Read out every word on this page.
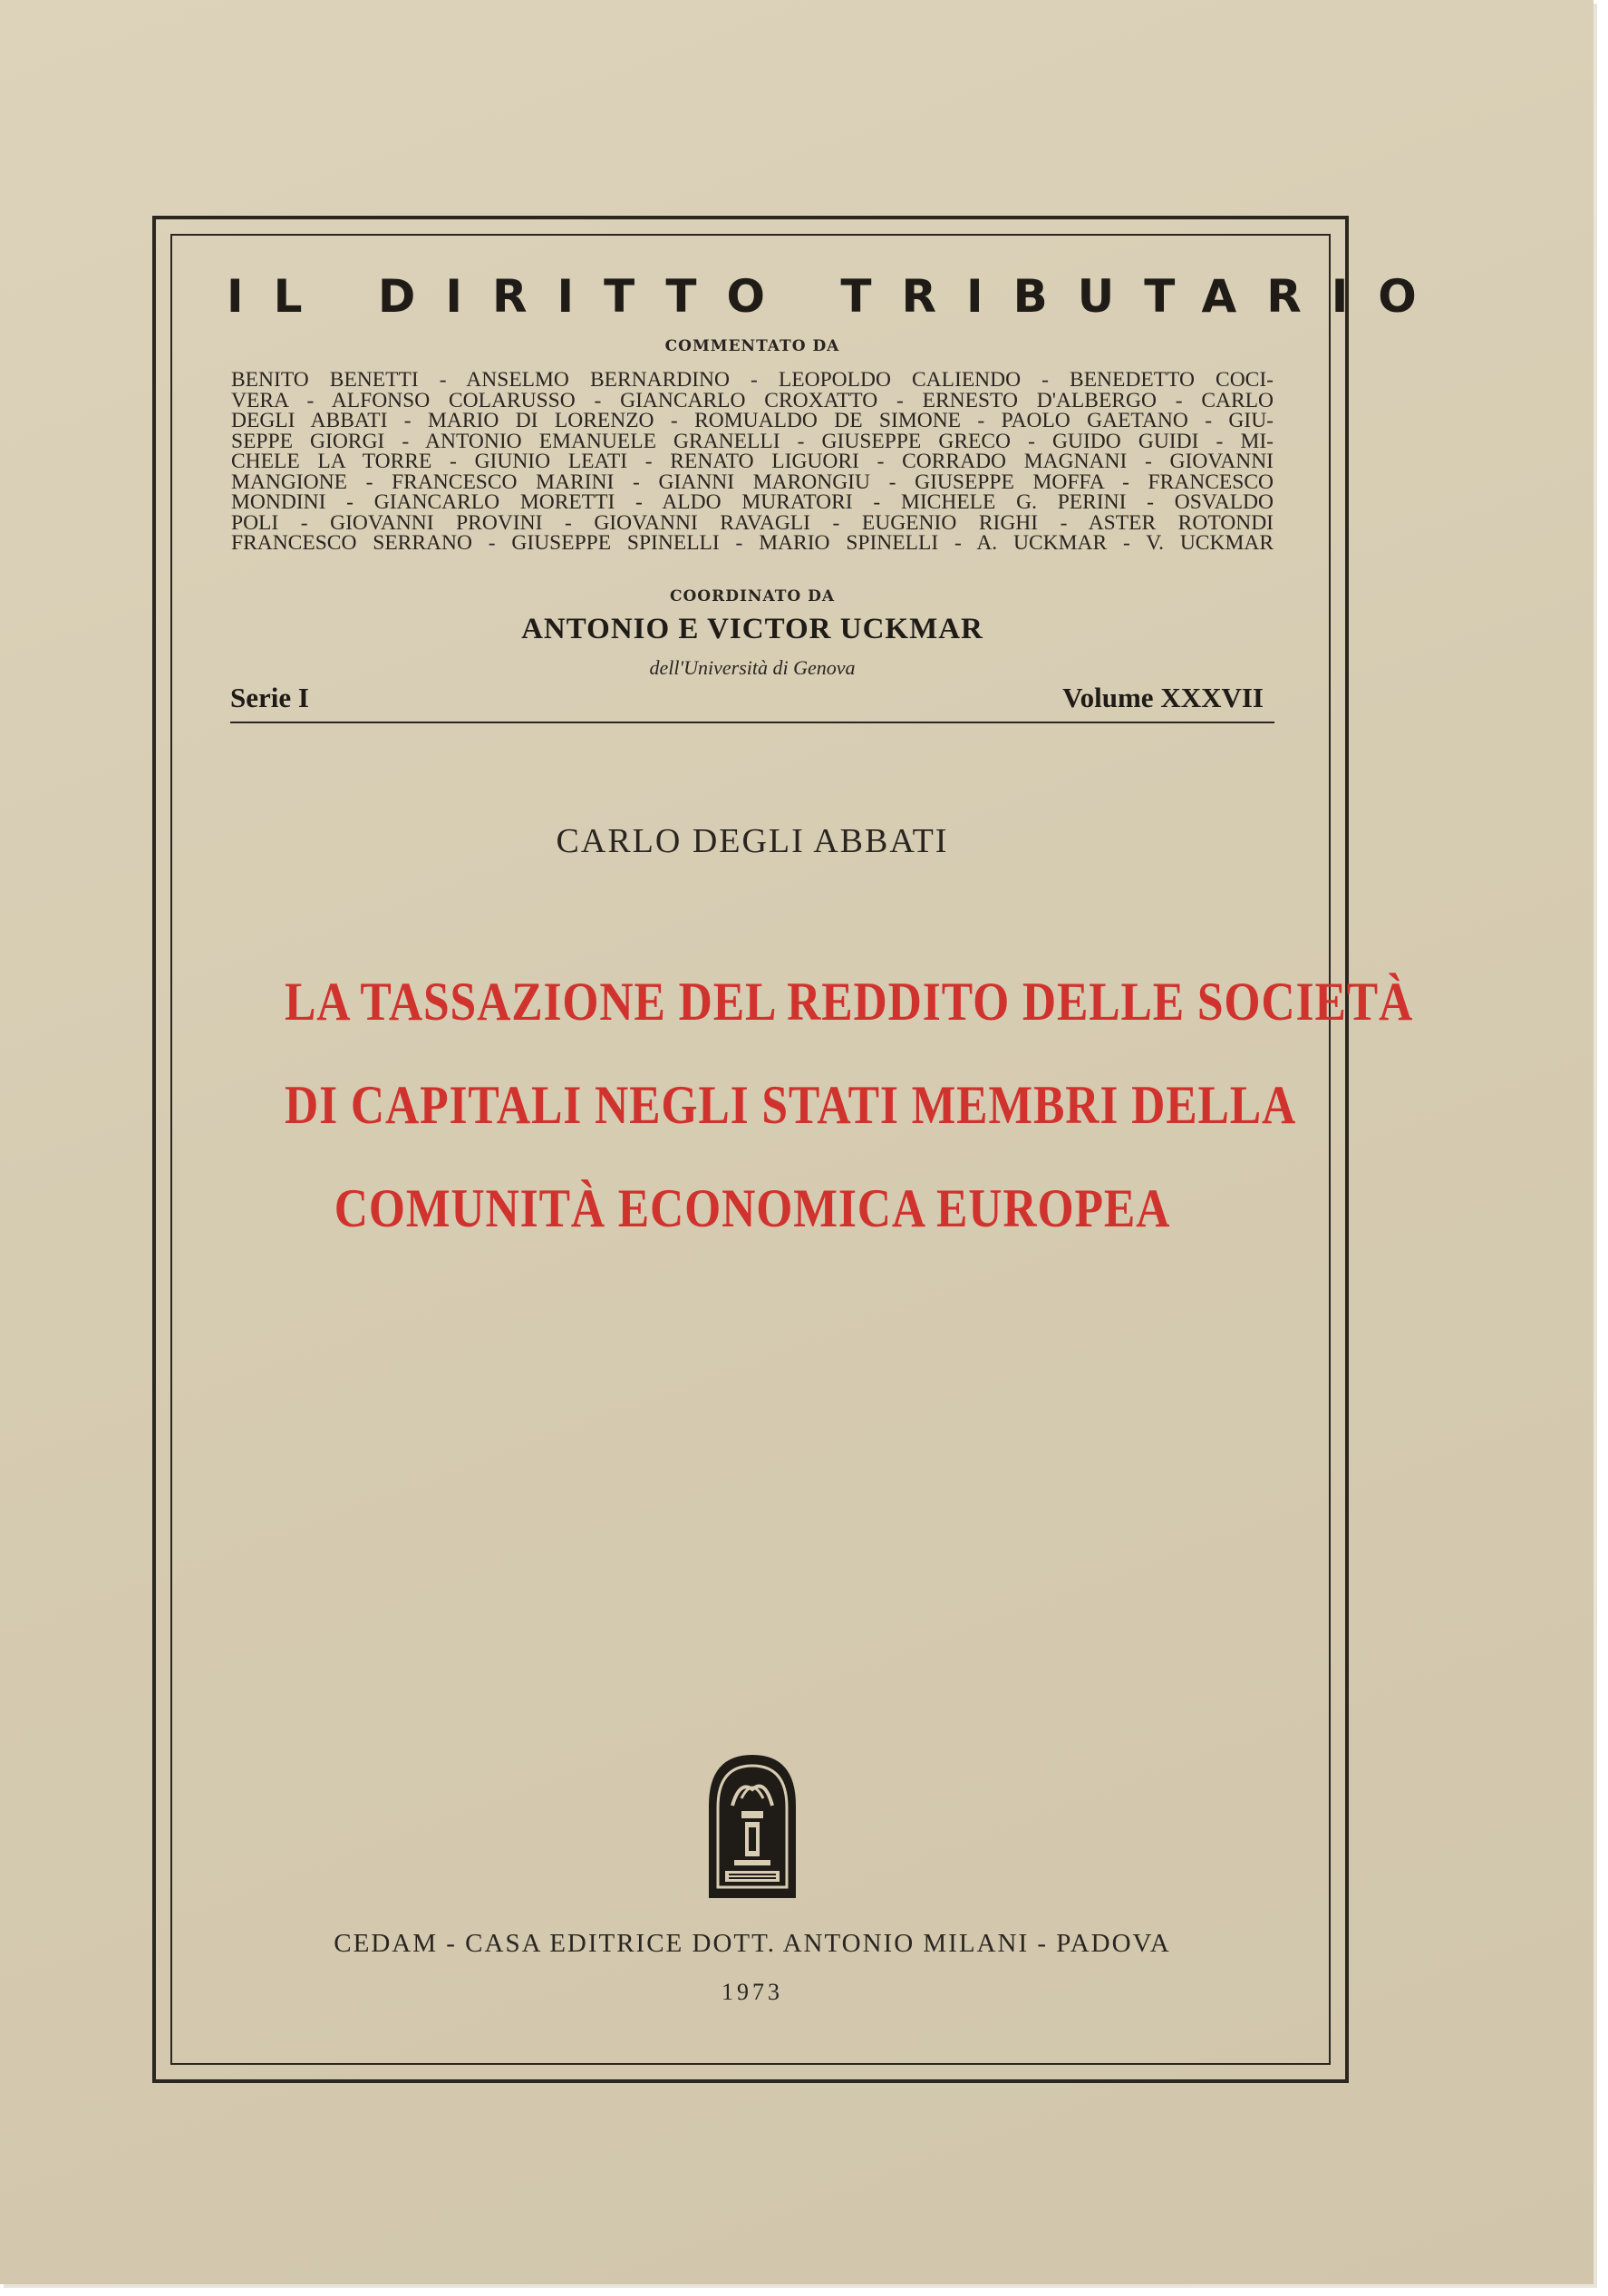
IL DIRITTO TRIBUTARIO
COMMENTATO DA
BENITO BENETTI - ANSELMO BERNARDINO - LEOPOLDO CALIENDO - BENEDETTO COCI-
VERA - ALFONSO COLARUSSO - GIANCARLO CROXATTO - ERNESTO D'ALBERGO - CARLO
DEGLI ABBATI - MARIO DI LORENZO - ROMUALDO DE SIMONE - PAOLO GAETANO - GIU-
SEPPE GIORGI - ANTONIO EMANUELE GRANELLI - GIUSEPPE GRECO - GUIDO GUIDI - MI-
CHELE LA TORRE - GIUNIO LEATI - RENATO LIGUORI - CORRADO MAGNANI - GIOVANNI
MANGIONE - FRANCESCO MARINI - GIANNI MARONGIU - GIUSEPPE MOFFA - FRANCESCO
MONDINI - GIANCARLO MORETTI - ALDO MURATORI - MICHELE G. PERINI - OSVALDO
POLI - GIOVANNI PROVINI - GIOVANNI RAVAGLI - EUGENIO RIGHI - ASTER ROTONDI
FRANCESCO SERRANO - GIUSEPPE SPINELLI - MARIO SPINELLI - A. UCKMAR - V. UCKMAR
COORDINATO DA
ANTONIO E VICTOR UCKMAR
dell'Università di Genova
Serie I	Volume XXXVII
CARLO DEGLI ABBATI
LA TASSAZIONE DEL REDDITO DELLE SOCIETÀ
DI CAPITALI NEGLI STATI MEMBRI DELLA
COMUNITÀ ECONOMICA EUROPEA
CEDAM - CASA EDITRICE DOTT. ANTONIO MILANI - PADOVA
1973
